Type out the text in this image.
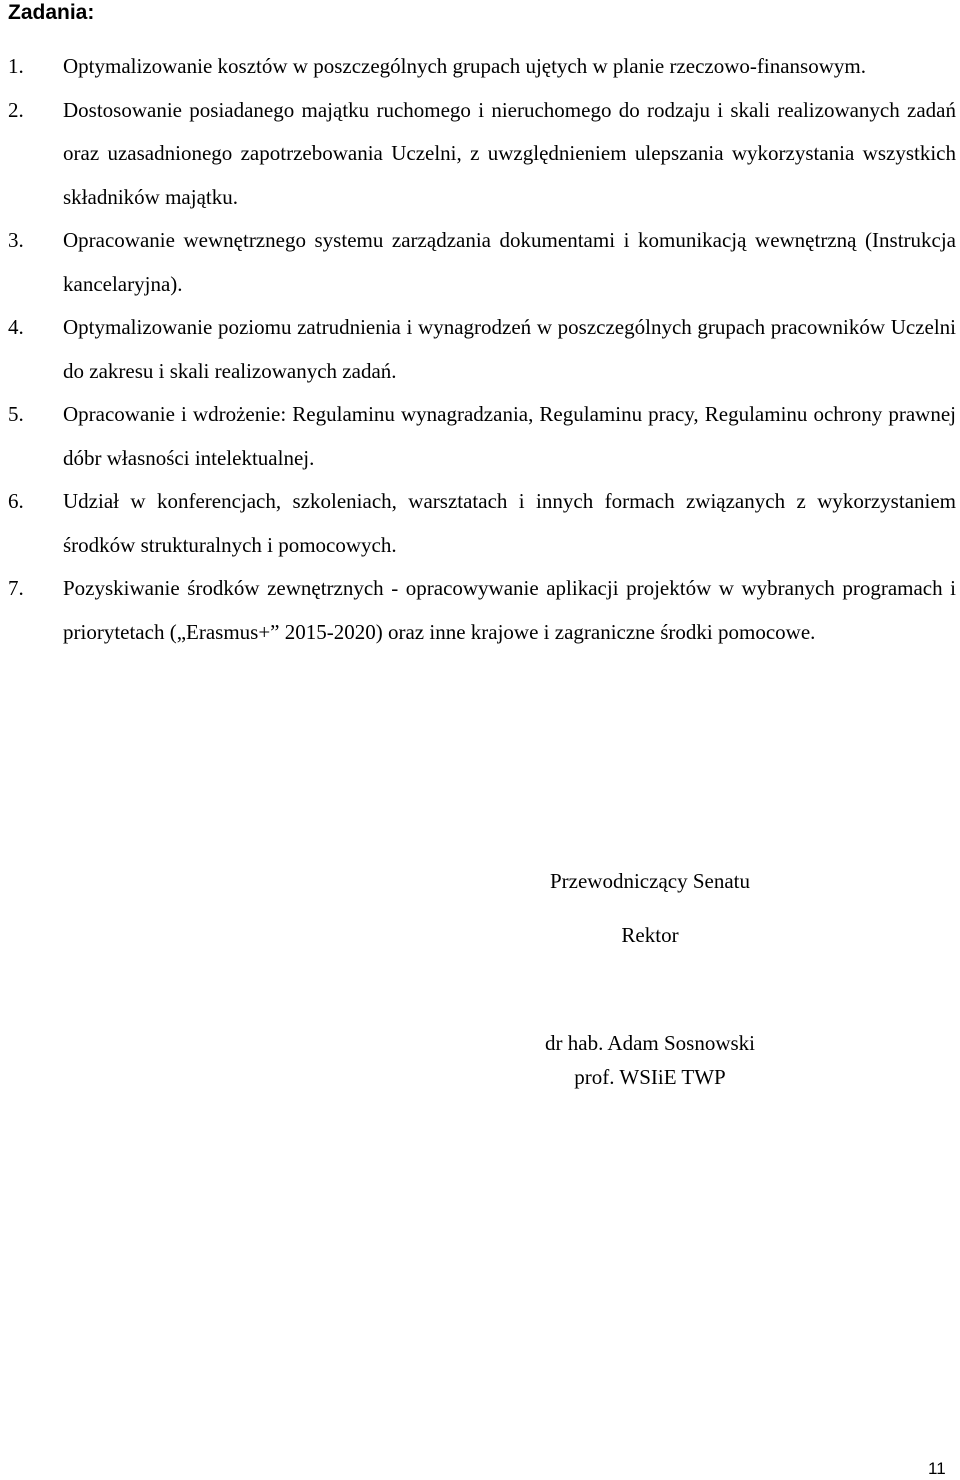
Zadania:
1. Optymalizowanie kosztów w poszczególnych grupach ujętych w planie rzeczowo-finansowym.
2. Dostosowanie posiadanego majątku ruchomego i nieruchomego do rodzaju i skali realizowanych zadań oraz uzasadnionego zapotrzebowania Uczelni, z uwzględnieniem ulepszania wykorzystania wszystkich składników majątku.
3. Opracowanie wewnętrznego systemu zarządzania dokumentami i komunikacją wewnętrzną (Instrukcja kancelaryjna).
4. Optymalizowanie poziomu zatrudnienia i wynagrodzeń w poszczególnych grupach pracowników Uczelni do zakresu i skali realizowanych zadań.
5. Opracowanie i wdrożenie: Regulaminu wynagradzania, Regulaminu pracy, Regulaminu ochrony prawnej dóbr własności intelektualnej.
6. Udział w konferencjach, szkoleniach, warsztatach i innych formach związanych z wykorzystaniem środków strukturalnych i pomocowych.
7. Pozyskiwanie środków zewnętrznych - opracowywanie aplikacji projektów w wybranych programach i priorytetach („Erasmus+” 2015-2020) oraz inne krajowe i zagraniczne środki pomocowe.
Przewodniczący Senatu
Rektor
dr hab. Adam Sosnowski
prof. WSIiE TWP
11
